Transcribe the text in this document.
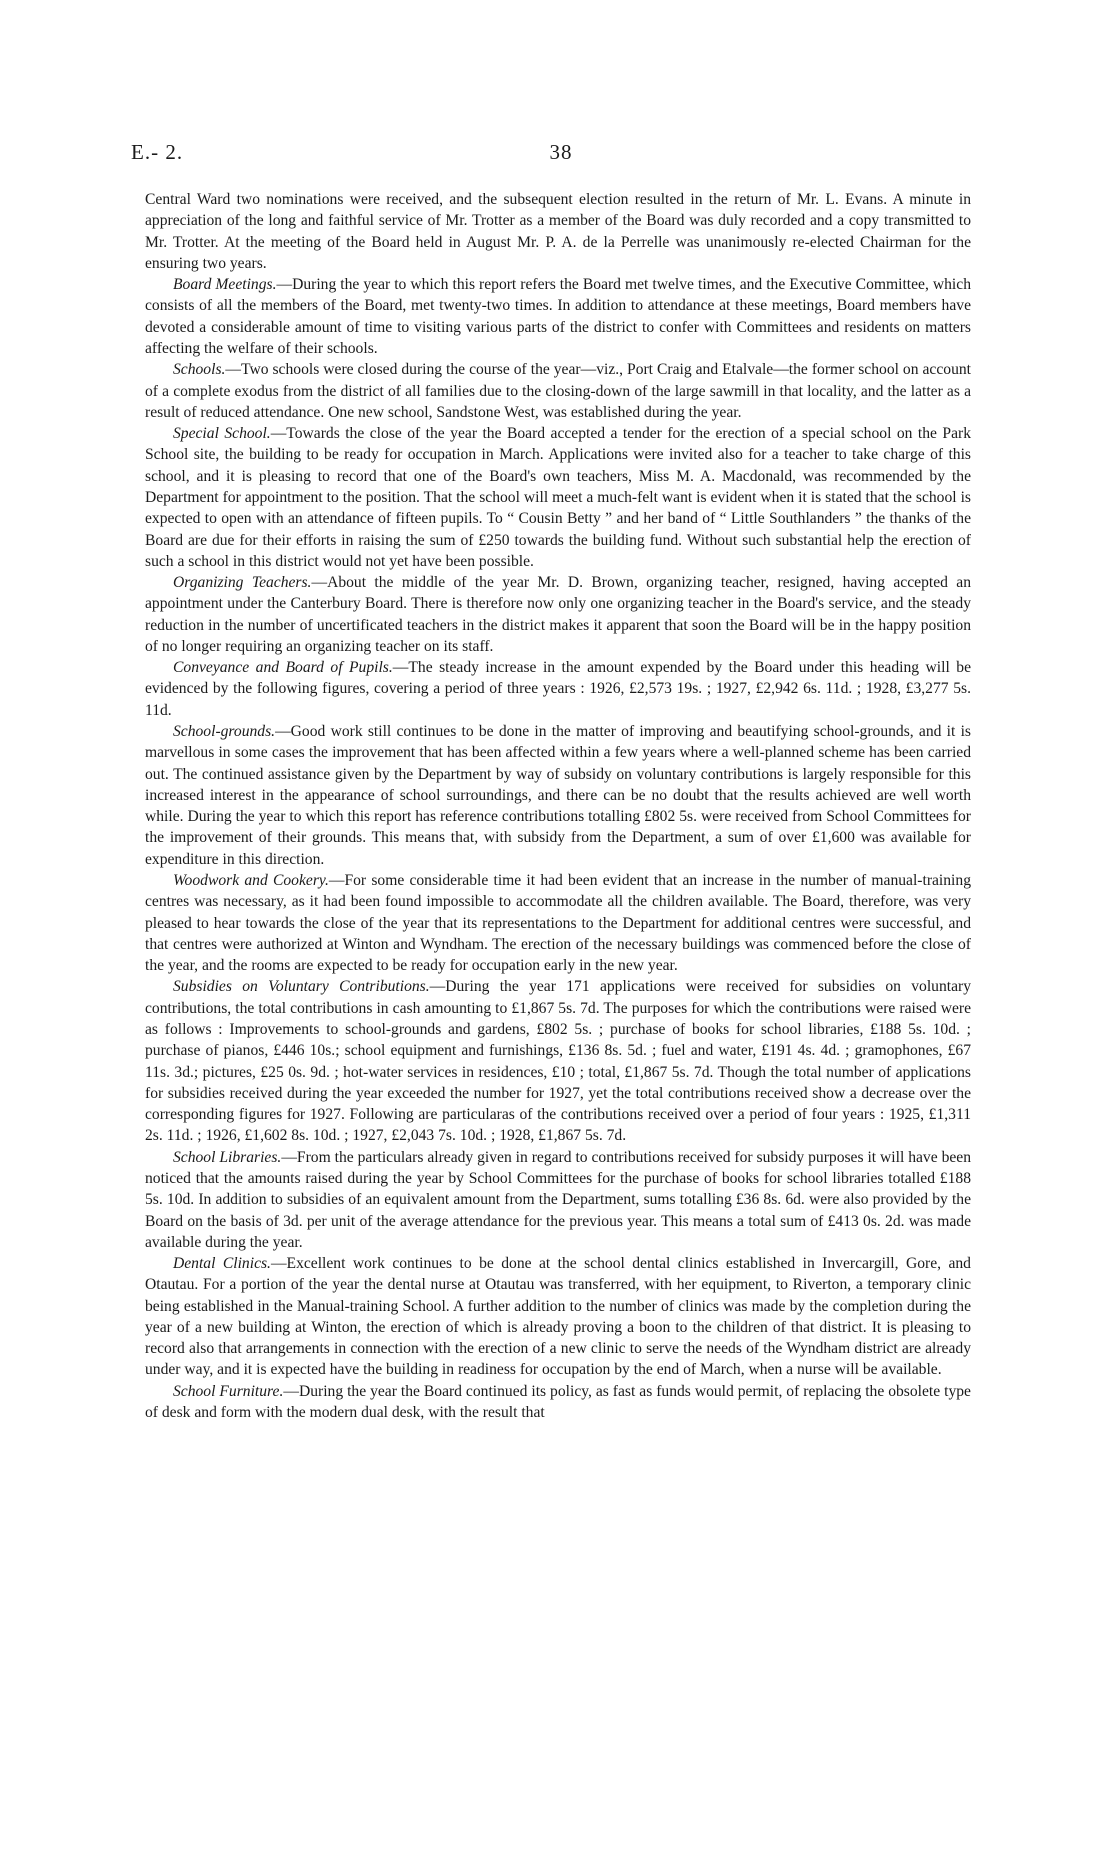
E.- 2.	38

Central Ward two nominations were received, and the subsequent election resulted in the return of Mr. L. Evans. A minute in appreciation of the long and faithful service of Mr. Trotter as a member of the Board was duly recorded and a copy transmitted to Mr. Trotter. At the meeting of the Board held in August Mr. P. A. de la Perrelle was unanimously re-elected Chairman for the ensuring two years.

Board Meetings.—During the year to which this report refers the Board met twelve times, and the Executive Committee, which consists of all the members of the Board, met twenty-two times. In addition to attendance at these meetings, Board members have devoted a considerable amount of time to visiting various parts of the district to confer with Committees and residents on matters affecting the welfare of their schools.

Schools.—Two schools were closed during the course of the year—viz., Port Craig and Etalvale—the former school on account of a complete exodus from the district of all families due to the closing-down of the large sawmill in that locality, and the latter as a result of reduced attendance. One new school, Sandstone West, was established during the year.

Special School.—Towards the close of the year the Board accepted a tender for the erection of a special school on the Park School site, the building to be ready for occupation in March. Applications were invited also for a teacher to take charge of this school, and it is pleasing to record that one of the Board's own teachers, Miss M. A. Macdonald, was recommended by the Department for appointment to the position. That the school will meet a much-felt want is evident when it is stated that the school is expected to open with an attendance of fifteen pupils. To “ Cousin Betty ” and her band of “ Little Southlanders ” the thanks of the Board are due for their efforts in raising the sum of £250 towards the building fund. Without such substantial help the erection of such a school in this district would not yet have been possible.

Organizing Teachers.—About the middle of the year Mr. D. Brown, organizing teacher, resigned, having accepted an appointment under the Canterbury Board. There is therefore now only one organizing teacher in the Board's service, and the steady reduction in the number of uncertificated teachers in the district makes it apparent that soon the Board will be in the happy position of no longer requiring an organizing teacher on its staff.

Conveyance and Board of Pupils.—The steady increase in the amount expended by the Board under this heading will be evidenced by the following figures, covering a period of three years : 1926, £2,573 19s. ; 1927, £2,942 6s. 11d. ; 1928, £3,277 5s. 11d.

School-grounds.—Good work still continues to be done in the matter of improving and beautifying school-grounds, and it is marvellous in some cases the improvement that has been affected within a few years where a well-planned scheme has been carried out. The continued assistance given by the Department by way of subsidy on voluntary contributions is largely responsible for this increased interest in the appearance of school surroundings, and there can be no doubt that the results achieved are well worth while. During the year to which this report has reference contributions totalling £802 5s. were received from School Committees for the improvement of their grounds. This means that, with subsidy from the Department, a sum of over £1,600 was available for expenditure in this direction.

Woodwork and Cookery.—For some considerable time it had been evident that an increase in the number of manual-training centres was necessary, as it had been found impossible to accommodate all the children available. The Board, therefore, was very pleased to hear towards the close of the year that its representations to the Department for additional centres were successful, and that centres were authorized at Winton and Wyndham. The erection of the necessary buildings was commenced before the close of the year, and the rooms are expected to be ready for occupation early in the new year.

Subsidies on Voluntary Contributions.—During the year 171 applications were received for subsidies on voluntary contributions, the total contributions in cash amounting to £1,867 5s. 7d. The purposes for which the contributions were raised were as follows : Improvements to school-grounds and gardens, £802 5s. ; purchase of books for school libraries, £188 5s. 10d. ; purchase of pianos, £446 10s.; school equipment and furnishings, £136 8s. 5d. ; fuel and water, £191 4s. 4d. ; gramophones, £67 11s. 3d.; pictures, £25 0s. 9d. ; hot-water services in residences, £10 ; total, £1,867 5s. 7d. Though the total number of applications for subsidies received during the year exceeded the number for 1927, yet the total contributions received show a decrease over the corresponding figures for 1927. Following are particularas of the contributions received over a period of four years : 1925, £1,311 2s. 11d. ; 1926, £1,602 8s. 10d. ; 1927, £2,043 7s. 10d. ; 1928, £1,867 5s. 7d.

School Libraries.—From the particulars already given in regard to contributions received for subsidy purposes it will have been noticed that the amounts raised during the year by School Committees for the purchase of books for school libraries totalled £188 5s. 10d. In addition to subsidies of an equivalent amount from the Department, sums totalling £36 8s. 6d. were also provided by the Board on the basis of 3d. per unit of the average attendance for the previous year. This means a total sum of £413 0s. 2d. was made available during the year.

Dental Clinics.—Excellent work continues to be done at the school dental clinics established in Invercargill, Gore, and Otautau. For a portion of the year the dental nurse at Otautau was transferred, with her equipment, to Riverton, a temporary clinic being established in the Manual-training School. A further addition to the number of clinics was made by the completion during the year of a new building at Winton, the erection of which is already proving a boon to the children of that district. It is pleasing to record also that arrangements in connection with the erection of a new clinic to serve the needs of the Wyndham district are already under way, and it is expected have the building in readiness for occupation by the end of March, when a nurse will be available.

School Furniture.—During the year the Board continued its policy, as fast as funds would permit, of replacing the obsolete type of desk and form with the modern dual desk, with the result that
